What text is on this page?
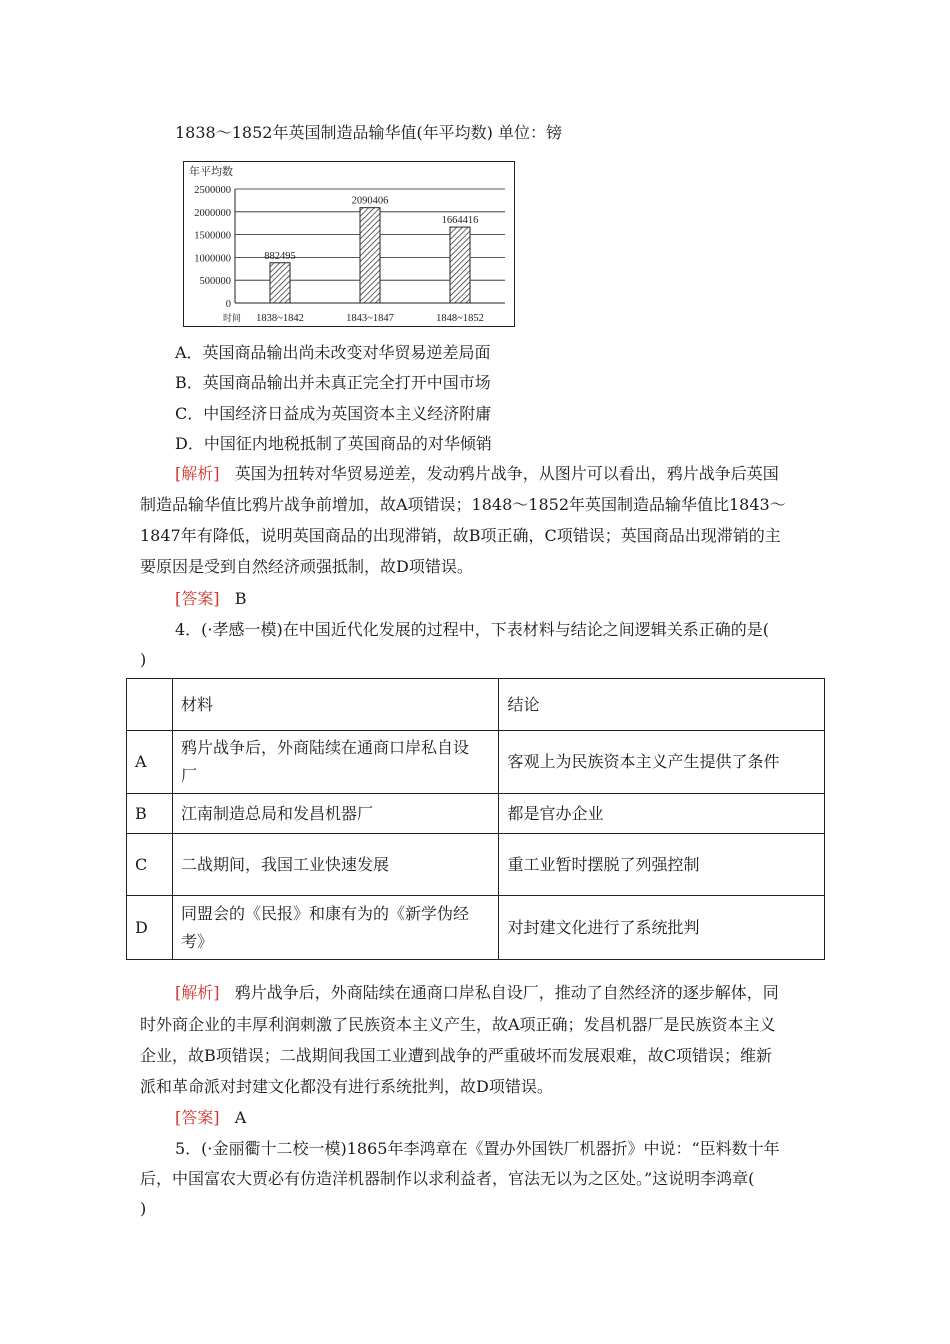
1838～1852年英国制造品输华值(年平均数) 单位：镑
年平均数
时间
0
500000
1000000
1500000
2000000
2500000
882495
1838~1842
2090406
1843~1847
1664416
1848~1852
A．英国商品输出尚未改变对华贸易逆差局面
B．英国商品输出并未真正完全打开中国市场
C．中国经济日益成为英国资本主义经济附庸
D．中国征内地税抵制了英国商品的对华倾销
[解析] 英国为扭转对华贸易逆差，发动鸦片战争，从图片可以看出，鸦片战争后英国
制造品输华值比鸦片战争前增加，故A项错误；1848～1852年英国制造品输华值比1843～
1847年有降低，说明英国商品的出现滞销，故B项正确，C项错误；英国商品出现滞销的主
要原因是受到自然经济顽强抵制，故D项错误。
[答案] B
4．(·孝感一模)在中国近代化发展的过程中，下表材料与结论之间逻辑关系正确的是(
)
	材料	结论
A	鸦片战争后，外商陆续在通商口岸私自设
厂	客观上为民族资本主义产生提供了条件
B	江南制造总局和发昌机器厂	都是官办企业
C	二战期间，我国工业快速发展	重工业暂时摆脱了列强控制
D	同盟会的《民报》和康有为的《新学伪经
考》	对封建文化进行了系统批判
[解析] 鸦片战争后，外商陆续在通商口岸私自设厂，推动了自然经济的逐步解体，同
时外商企业的丰厚利润刺激了民族资本主义产生，故A项正确；发昌机器厂是民族资本主义
企业，故B项错误；二战期间我国工业遭到战争的严重破坏而发展艰难，故C项错误；维新
派和革命派对封建文化都没有进行系统批判，故D项错误。
[答案] A
5．(·金丽衢十二校一模)1865年李鸿章在《置办外国铁厂机器折》中说：“臣料数十年
后，中国富农大贾必有仿造洋机器制作以求利益者，官法无以为之区处。”这说明李鸿章(
)
